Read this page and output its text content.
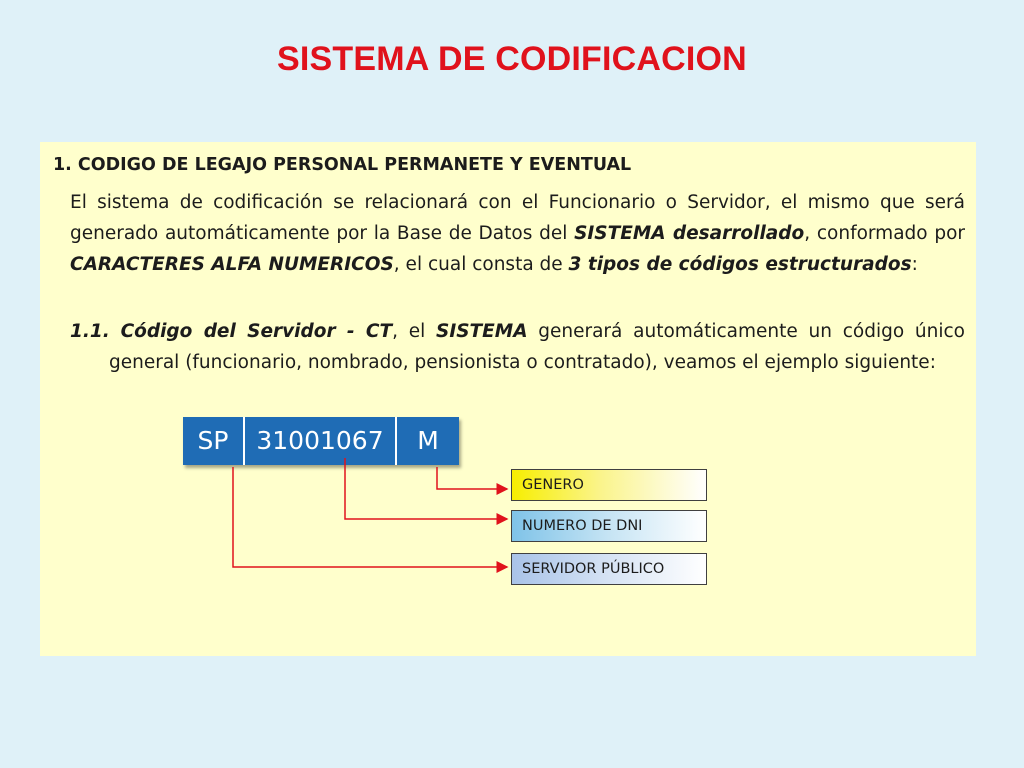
SISTEMA DE CODIFICACION
1. CODIGO DE LEGAJO PERSONAL PERMANETE Y EVENTUAL
El sistema de codificación se relacionará con el Funcionario o Servidor, el mismo que será generado automáticamente por la Base de Datos del SISTEMA desarrollado, conformado por CARACTERES ALFA NUMERICOS, el cual consta de 3 tipos de códigos estructurados:
1.1. Código del Servidor - CT, el SISTEMA generará automáticamente un código único general (funcionario, nombrado, pensionista o contratado), veamos el ejemplo siguiente:
SP	31001067	M
GENERO
NUMERO DE DNI
SERVIDOR PÚBLICO
